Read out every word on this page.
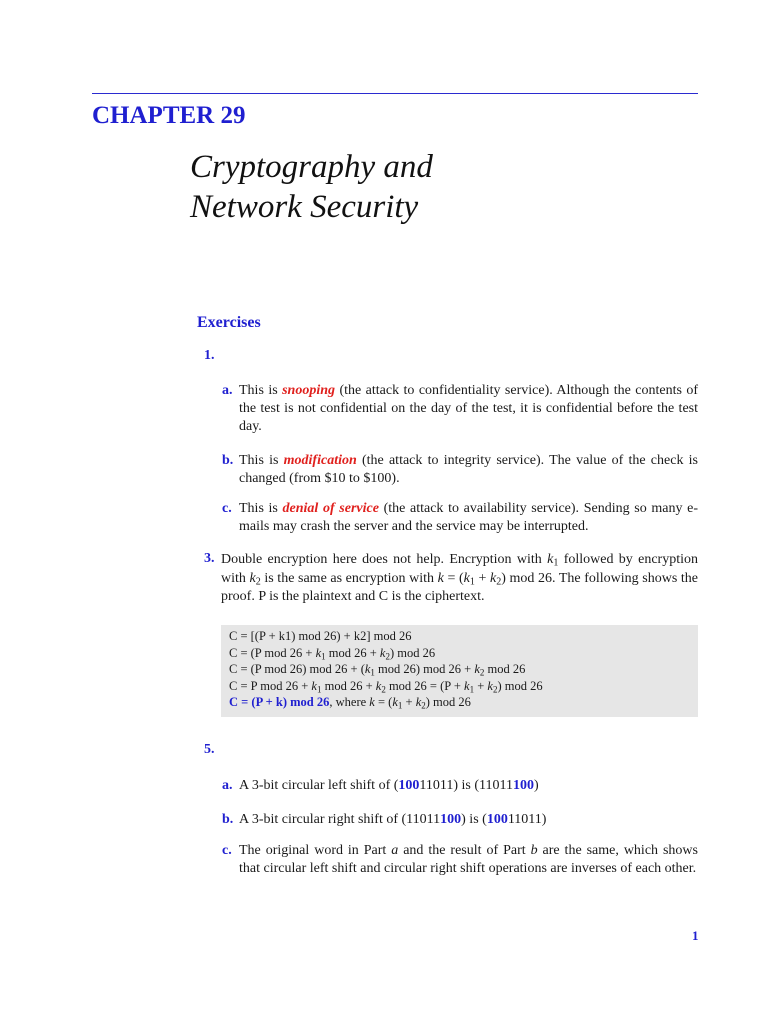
CHAPTER 29
Cryptography and
Network Security
Exercises
1.
a. This is snooping (the attack to confidentiality service). Although the contents of the test is not confidential on the day of the test, it is confidential before the test day.
b. This is modification (the attack to integrity service). The value of the check is changed (from $10 to $100).
c. This is denial of service (the attack to availability service). Sending so many e-mails may crash the server and the service may be interrupted.
3. Double encryption here does not help. Encryption with $k_1$ followed by encryption with $k_2$ is the same as encryption with $k = (k_1 + k_2)$ mod 26. The following shows the proof. P is the plaintext and C is the ciphertext.
C = [(P + k1) mod 26) + k2] mod 26
C = (P mod $26 + k_1$ mod $26 + k_2$) mod 26
C = (P mod 26) mod $26 + (k_1$ mod 26) mod $26 + k_2$ mod 26
C = P mod $26 + k_1$ mod $26 + k_2$ mod $26 = (P + k_1 + k_2)$ mod 26
C = (P + k) mod 26, where $k = (k_1 + k_2)$ mod 26
5.
a. A 3-bit circular left shift of (10011011) is (11011100)
b. A 3-bit circular right shift of (11011100) is (10011011)
c. The original word in Part a and the result of Part b are the same, which shows that circular left shift and circular right shift operations are inverses of each other.
1
